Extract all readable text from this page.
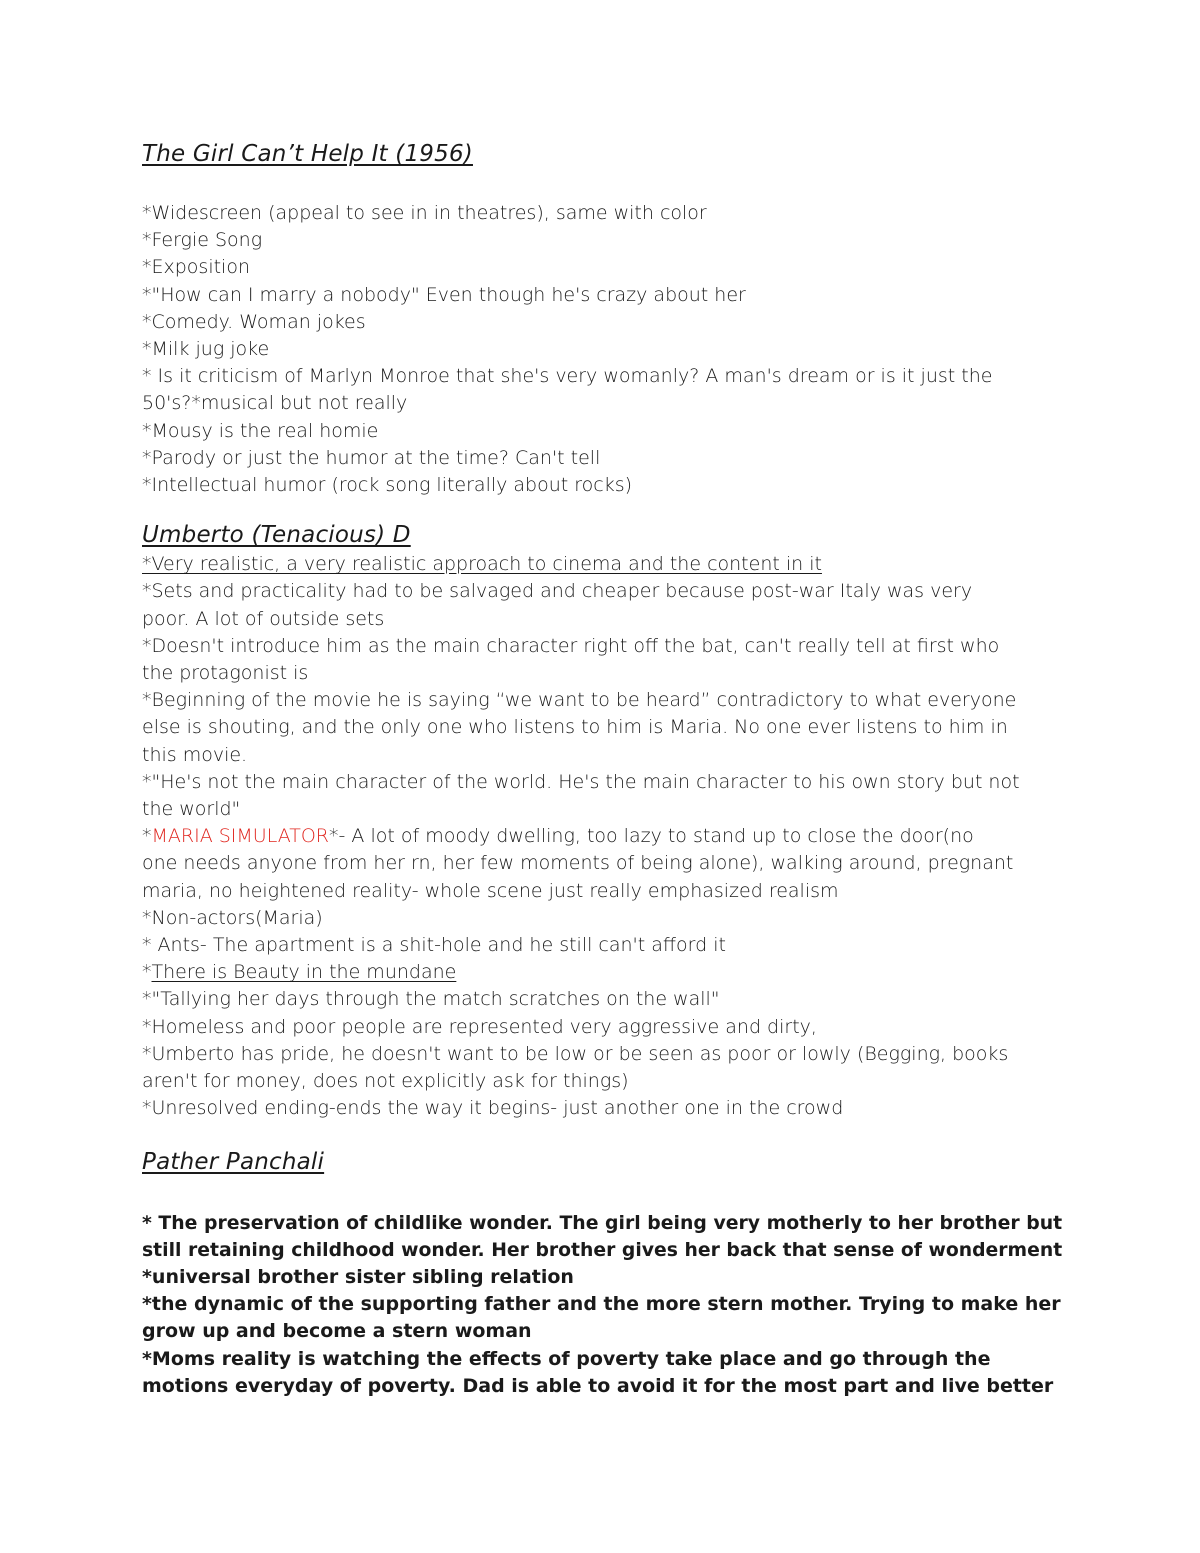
The Girl Can’t Help It (1956)
*Widescreen (appeal to see in in theatres), same with color
*Fergie Song
*Exposition
*"How can I marry a nobody" Even though he's crazy about her
*Comedy. Woman jokes
*Milk jug joke
* Is it criticism of Marlyn Monroe that she's very womanly? A man's dream or is it just the
50's?*musical but not really
*Mousy is the real homie
*Parody or just the humor at the time? Can't tell
*Intellectual humor (rock song literally about rocks)
Umberto (Tenacious) D
*Very realistic, a very realistic approach to cinema and the content in it
*Sets and practicality had to be salvaged and cheaper because post-war Italy was very
poor. A lot of outside sets
*Doesn't introduce him as the main character right off the bat, can't really tell at first who
the protagonist is
*Beginning of the movie he is saying “we want to be heard” contradictory to what everyone
else is shouting, and the only one who listens to him is Maria. No one ever listens to him in
this movie.
*"He's not the main character of the world. He's the main character to his own story but not
the world"
*MARIA SIMULATOR*- A lot of moody dwelling, too lazy to stand up to close the door(no
one needs anyone from her rn, her few moments of being alone), walking around, pregnant
maria, no heightened reality- whole scene just really emphasized realism
*Non-actors(Maria)
* Ants- The apartment is a shit-hole and he still can't afford it
*There is Beauty in the mundane
*"Tallying her days through the match scratches on the wall"
*Homeless and poor people are represented very aggressive and dirty,
*Umberto has pride, he doesn't want to be low or be seen as poor or lowly (Begging, books
aren't for money, does not explicitly ask for things)
*Unresolved ending-ends the way it begins- just another one in the crowd
Pather Panchali
* The preservation of childlike wonder. The girl being very motherly to her brother but
still retaining childhood wonder. Her brother gives her back that sense of wonderment
*universal brother sister sibling relation
*the dynamic of the supporting father and the more stern mother. Trying to make her
grow up and become a stern woman
*Moms reality is watching the effects of poverty take place and go through the
motions everyday of poverty. Dad is able to avoid it for the most part and live better
